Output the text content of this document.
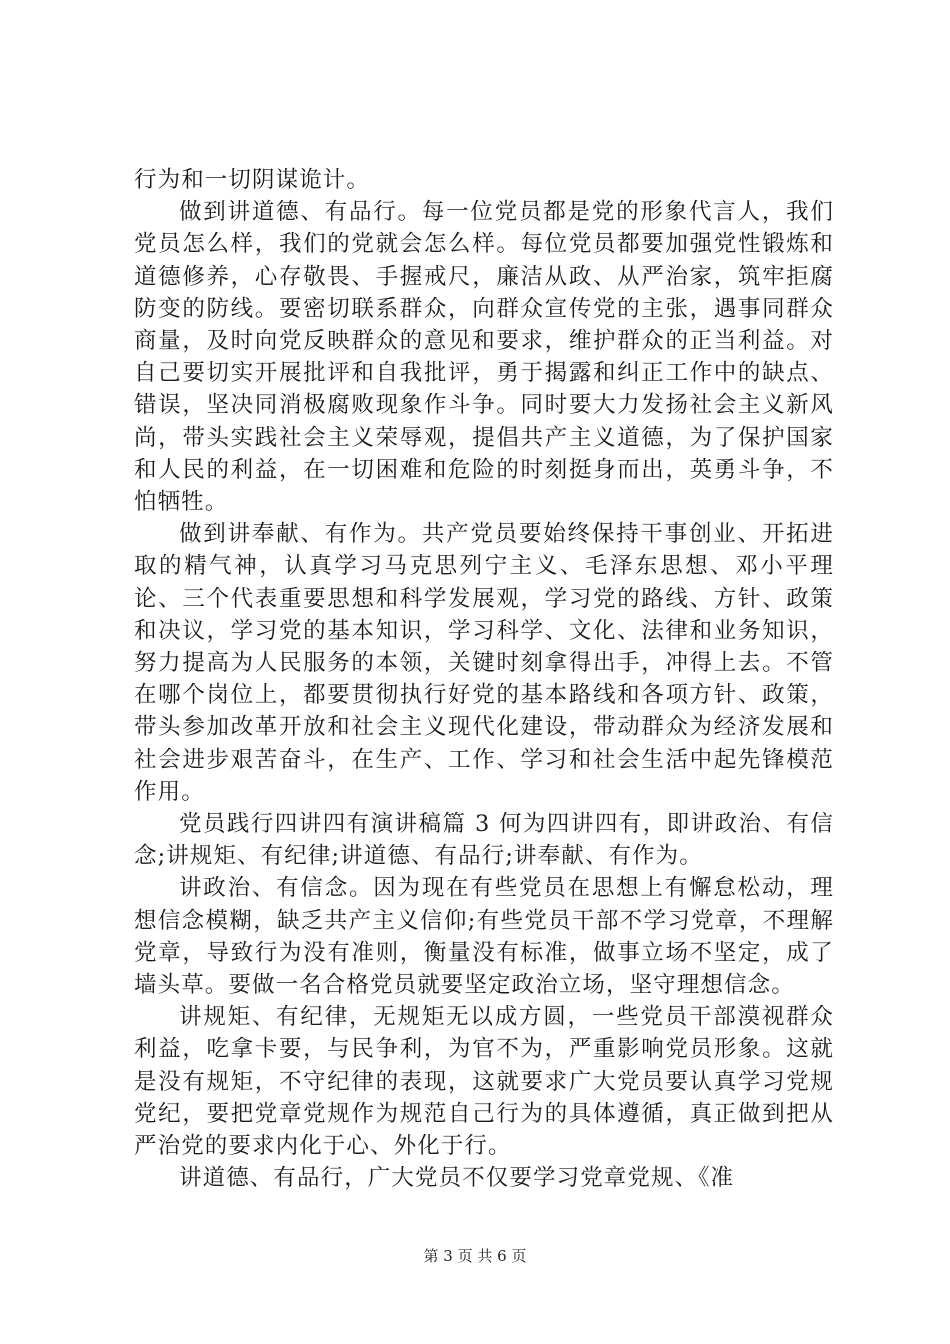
行为和一切阴谋诡计。

做到讲道德、有品行。每一位党员都是党的形象代言人，我们党员怎么样，我们的党就会怎么样。每位党员都要加强党性锻炼和道德修养，心存敬畏、手握戒尺，廉洁从政、从严治家，筑牢拒腐防变的防线。要密切联系群众，向群众宣传党的主张，遇事同群众商量，及时向党反映群众的意见和要求，维护群众的正当利益。对自己要切实开展批评和自我批评，勇于揭露和纠正工作中的缺点、错误，坚决同消极腐败现象作斗争。同时要大力发扬社会主义新风尚，带头实践社会主义荣辱观，提倡共产主义道德，为了保护国家和人民的利益，在一切困难和危险的时刻挺身而出，英勇斗争，不怕牺牲。

做到讲奉献、有作为。共产党员要始终保持干事创业、开拓进取的精气神，认真学习马克思列宁主义、毛泽东思想、邓小平理论、三个代表重要思想和科学发展观，学习党的路线、方针、政策和决议，学习党的基本知识，学习科学、文化、法律和业务知识，努力提高为人民服务的本领，关键时刻拿得出手，冲得上去。不管在哪个岗位上，都要贯彻执行好党的基本路线和各项方针、政策，带头参加改革开放和社会主义现代化建设，带动群众为经济发展和社会进步艰苦奋斗，在生产、工作、学习和社会生活中起先锋模范作用。

党员践行四讲四有演讲稿篇 3 何为四讲四有，即讲政治、有信念;讲规矩、有纪律;讲道德、有品行;讲奉献、有作为。

讲政治、有信念。因为现在有些党员在思想上有懈怠松动，理想信念模糊，缺乏共产主义信仰;有些党员干部不学习党章，不理解党章，导致行为没有准则，衡量没有标准，做事立场不坚定，成了墙头草。要做一名合格党员就要坚定政治立场，坚守理想信念。

讲规矩、有纪律，无规矩无以成方圆，一些党员干部漠视群众利益，吃拿卡要，与民争利，为官不为，严重影响党员形象。这就是没有规矩，不守纪律的表现，这就要求广大党员要认真学习党规党纪，要把党章党规作为规范自己行为的具体遵循，真正做到把从严治党的要求内化于心、外化于行。

讲道德、有品行，广大党员不仅要学习党章党规、《准

第 3 页 共 6 页
